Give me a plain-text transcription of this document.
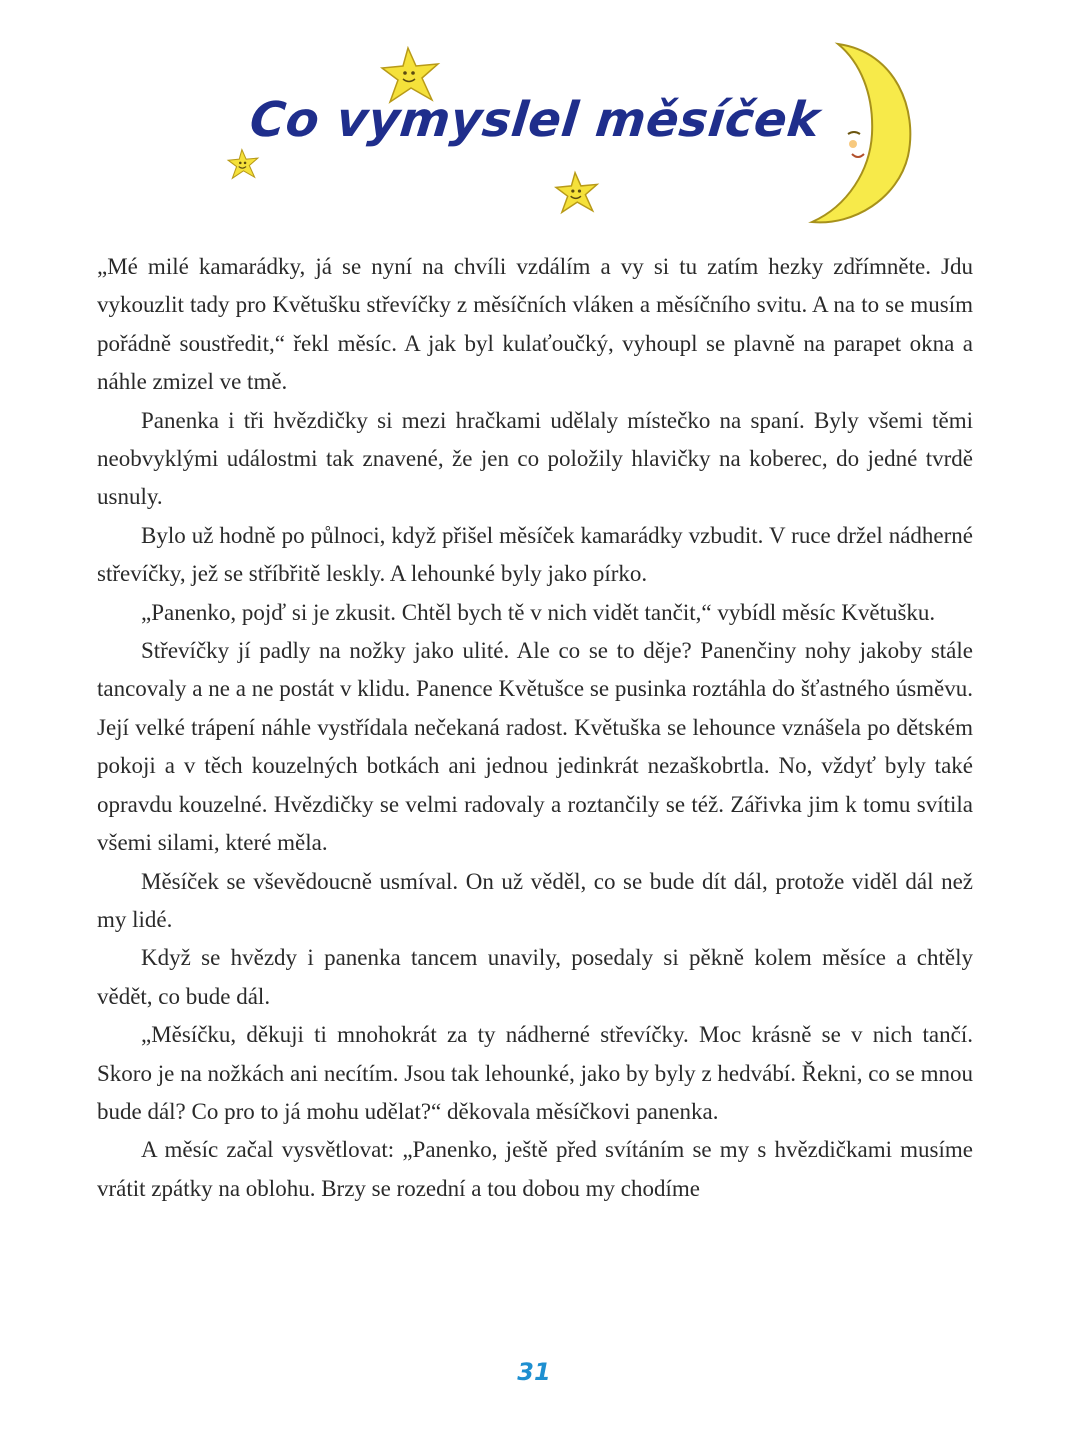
Co vymyslel měsíček

„Mé milé kamarádky, já se nyní na chvíli vzdálím a vy si tu zatím hezky zdřímněte. Jdu vykouzlit tady pro Květušku střevíčky z měsíčních vláken a měsíčního svitu. A na to se musím pořádně soustředit,“ řekl měsíc. A jak byl kulaťoučký, vyhoupl se plavně na parapet okna a náhle zmizel ve tmě.

Panenka i tři hvězdičky si mezi hračkami udělaly místečko na spaní. Byly všemi těmi neobvyklými událostmi tak znavené, že jen co položily hlavičky na koberec, do jedné tvrdě usnuly.

Bylo už hodně po půlnoci, když přišel měsíček kamarádky vzbudit. V ruce držel nádherné střevíčky, jež se stříbřitě leskly. A lehounké byly jako pírko.

„Panenko, pojď si je zkusit. Chtěl bych tě v nich vidět tančit,“ vybídl měsíc Květušku.

Střevíčky jí padly na nožky jako ulité. Ale co se to děje? Panenčiny nohy jakoby stále tancovaly a ne a ne postát v klidu. Panence Květušce se pusinka roztáhla do šťastného úsměvu. Její velké trápení náhle vystřídala nečekaná radost. Květuška se lehounce vznášela po dětském pokoji a v těch kouzelných botkách ani jednou jedinkrát nezaškobrtla. No, vždyť byly také opravdu kouzelné. Hvězdičky se velmi radovaly a roztančily se též. Zářivka jim k tomu svítila všemi silami, které měla.

Měsíček se vševědoucně usmíval. On už věděl, co se bude dít dál, protože viděl dál než my lidé.

Když se hvězdy i panenka tancem unavily, posedaly si pěkně kolem měsíce a chtěly vědět, co bude dál.

„Měsíčku, děkuji ti mnohokrát za ty nádherné střevíčky. Moc krásně se v nich tančí. Skoro je na nožkách ani necítím. Jsou tak lehounké, jako by byly z hedvábí. Řekni, co se mnou bude dál? Co pro to já mohu udělat?“ děkovala měsíčkovi panenka.

A měsíc začal vysvětlovat: „Panenko, ještě před svítáním se my s hvězdičkami musíme vrátit zpátky na oblohu. Brzy se rozední a tou dobou my chodíme

31
